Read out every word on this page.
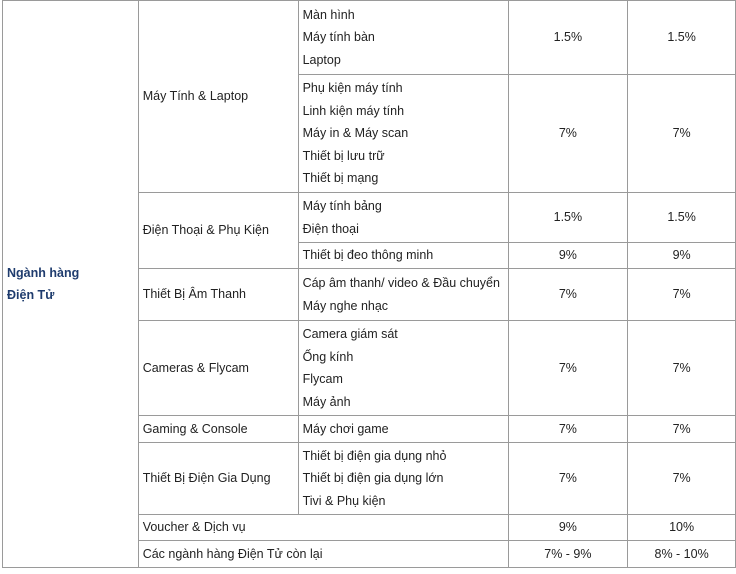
Ngành hàng
Điện Tử	Máy Tính & Laptop	Màn hình
Máy tính bàn
Laptop	1.5%	1.5%

		Phụ kiện máy tính
Linh kiện máy tính
Máy in & Máy scan
Thiết bị lưu trữ
Thiết bị mạng	7%	7%
	Điện Thoại & Phụ Kiện	Máy tính bảng
Điện thoại	1.5%	1.5%
		Thiết bị đeo thông minh	9%	9%
	Thiết Bị Âm Thanh	Cáp âm thanh/ video & Đầu chuyển
Máy nghe nhạc	7%	7%
	Cameras & Flycam	Camera giám sát
Ống kính
Flycam
Máy ảnh	7%	7%
	Gaming & Console	Máy chơi game	7%	7%
	Thiết Bị Điện Gia Dụng	Thiết bị điện gia dụng nhỏ
Thiết bị điện gia dụng lớn
Tivi & Phụ kiện	7%	7%
	Voucher & Dịch vụ		9%	10%
	Các ngành hàng Điện Tử còn lại		7% - 9%	8% - 10%
